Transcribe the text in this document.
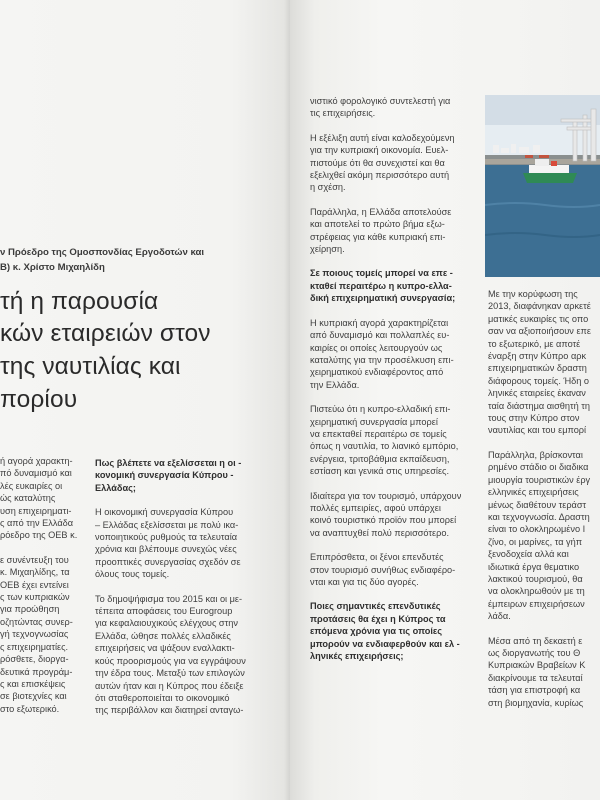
ν Πρόεδρο της Ομοσπονδίας Εργοδοτών και
Β) κ. Χρίστο Μιχαηλίδη
τή η παρουσία
κών εταιρειών στον
της ναυτιλίας και
πορίου
ή αγορά χαρακτη-
πό δυναμισμό και
λές ευκαιρίες οι
ώς καταλύτης
υση επιχειρηματι-
ς από την Ελλάδα
ρόεδρο της ΟΕΒ κ.
ε συνέντευξη του
κ. Μιχαηλίδης, τα
ΟΕΒ έχει εντείνει
ς των κυπριακών
για προώθηση
οζητώντας συνερ-
γή τεχνογνωσίας
ς επιχειρηματίες.
ρόσθετε, διοργα-
δευτικά προγράμ-
ς και επισκέψεις
σε βιοτεχνίες και
στο εξωτερικό.
Πως βλέπετε να εξελίσσεται η οι -
κονομική συνεργασία Κύπρου -
Ελλάδας;
Η οικονομική συνεργασία Κύπρου
– Ελλάδας εξελίσσεται με πολύ ικα-
νοποιητικούς ρυθμούς τα τελευταία
χρόνια και βλέπουμε συνεχώς νέες
προοπτικές συνεργασίας σχεδόν σε
όλους τους τομείς.
Το δημοψήφισμα του 2015 και οι με-
τέπειτα αποφάσεις του Eurogroup
για κεφαλαιουχικούς ελέγχους στην
Ελλάδα, ώθησε πολλές ελλαδικές
επιχειρήσεις να ψάξουν εναλλακτι-
κούς προορισμούς για να εγγράψουν
την έδρα τους. Μεταξύ των επιλογών
αυτών ήταν και η Κύπρος που έδειξε
ότι σταθεροποιείται το οικονομικό
της περιβάλλον και διατηρεί ανταγω-
νιστικό φορολογικό συντελεστή για
τις επιχειρήσεις.
Η εξέλιξη αυτή είναι καλοδεχούμενη
για την κυπριακή οικονομία. Ευελ-
πιστούμε ότι θα συνεχιστεί και θα
εξελιχθεί ακόμη περισσότερο αυτή
η σχέση.
Παράλληλα, η Ελλάδα αποτελούσε
και αποτελεί το πρώτο βήμα εξω-
στρέφειας για κάθε κυπριακή επι-
χείρηση.
Σε ποιους τομείς μπορεί να επε -
κταθεί περαιτέρω η κυπρο-ελλα-
δική επιχειρηματική συνεργασία;
Η κυπριακή αγορά χαρακτηρίζεται
από δυναμισμό και πολλαπλές ευ-
καιρίες οι οποίες λειτουργούν ως
καταλύτης για την προσέλκυση επι-
χειρηματικού ενδιαφέροντος από
την Ελλάδα.
Πιστεύω ότι η κυπρο-ελλαδική επι-
χειρηματική συνεργασία μπορεί
να επεκταθεί περαιτέρω σε τομείς
όπως η ναυτιλία, το λιανικό εμπόριο,
ενέργεια, τριτοβάθμια εκπαίδευση,
εστίαση και γενικά στις υπηρεσίες.
Ιδιαίτερα για τον τουρισμό, υπάρχουν
πολλές εμπειρίες, αφού υπάρχει
κοινό τουριστικό προϊόν που μπορεί
να αναπτυχθεί πολύ περισσότερο.
Επιπρόσθετα, οι ξένοι επενδυτές
στον τουρισμό συνήθως ενδιαφέρο-
νται και για τις δύο αγορές.
Ποιες σημαντικές επενδυτικές
προτάσεις θα έχει η Κύπρος τα
επόμενα χρόνια για τις οποίες
μπορούν να ενδιαφερθούν και ελ -
ληνικές επιχειρήσεις;
Με την κορύφωση της
2013, διαφάνηκαν αρκετέ
ματικές ευκαιρίες τις οπο
σαν να αξιοποιήσουν επε
το εξωτερικό, με αποτέ
έναρξη στην Κύπρο αρκ
επιχειρηματικών δραστη
διάφορους τομείς. Ήδη ο
ληνικές εταιρείες έκαναν
ταία διάστημα αισθητή τη
τους στην Κύπρο στον
ναυτιλίας και του εμπορί
Παράλληλα, βρίσκονται
ρημένο στάδιο οι διαδικα
μιουργία τουριστικών έργ
ελληνικές επιχειρήσεις
μένως διαθέτουν τεράστ
και τεχνογνωσία. Δραστη
είναι το ολοκληρωμένο Ι
ζίνο, οι μαρίνες, τα γήπ
ξενοδοχεία αλλά και
ιδιωτικά έργα θεματικο
λακτικού τουρισμού, θα
να ολοκληρωθούν με τη
έμπειρων επιχειρήσεων
λάδα.
Μέσα από τη δεκαετή ε
ως διοργανωτής του Θ
Κυπριακών Βραβείων Κ
διακρίνουμε τα τελευταί
τάση για επιστροφή κα
στη βιομηχανία, κυρίως
